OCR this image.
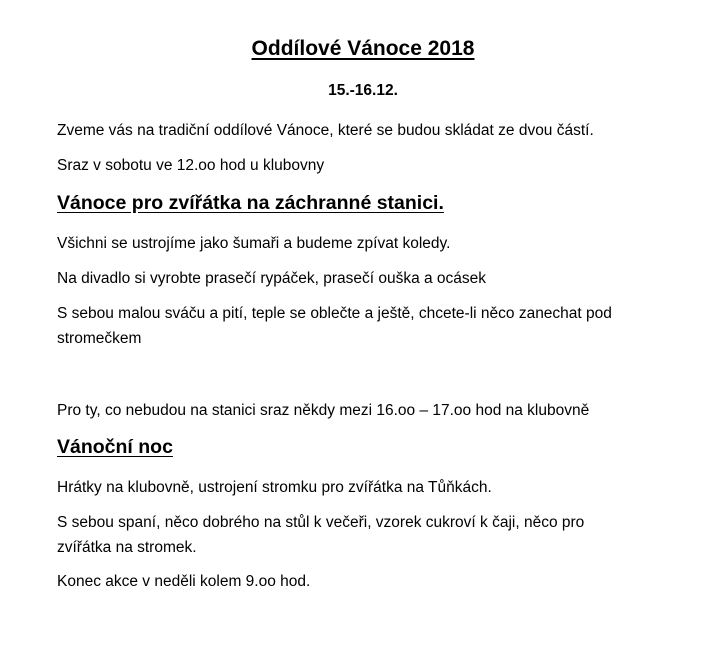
Oddílové Vánoce 2018
15.-16.12.

Zveme vás na tradiční oddílové Vánoce, které se budou skládat ze dvou částí.

Sraz v sobotu ve 12.oo hod u klubovny

Vánoce pro zvířátka na záchranné stanici.

Všichni se ustrojíme jako šumaři a budeme zpívat koledy.

Na divadlo si vyrobte prasečí rypáček, prasečí ouška a ocásek

S sebou malou sváču a pití, teple se oblečte a ještě, chcete-li něco zanechat pod

stromečkem

Pro ty, co nebudou na stanici sraz někdy mezi 16.oo – 17.oo hod na klubovně

Vánoční noc

Hrátky na klubovně, ustrojení stromku pro zvířátka na Tůňkách.

S sebou spaní, něco dobrého na stůl k večeři, vzorek cukroví k čaji, něco pro

zvířátka na stromek.

Konec akce v neděli kolem 9.oo hod.
